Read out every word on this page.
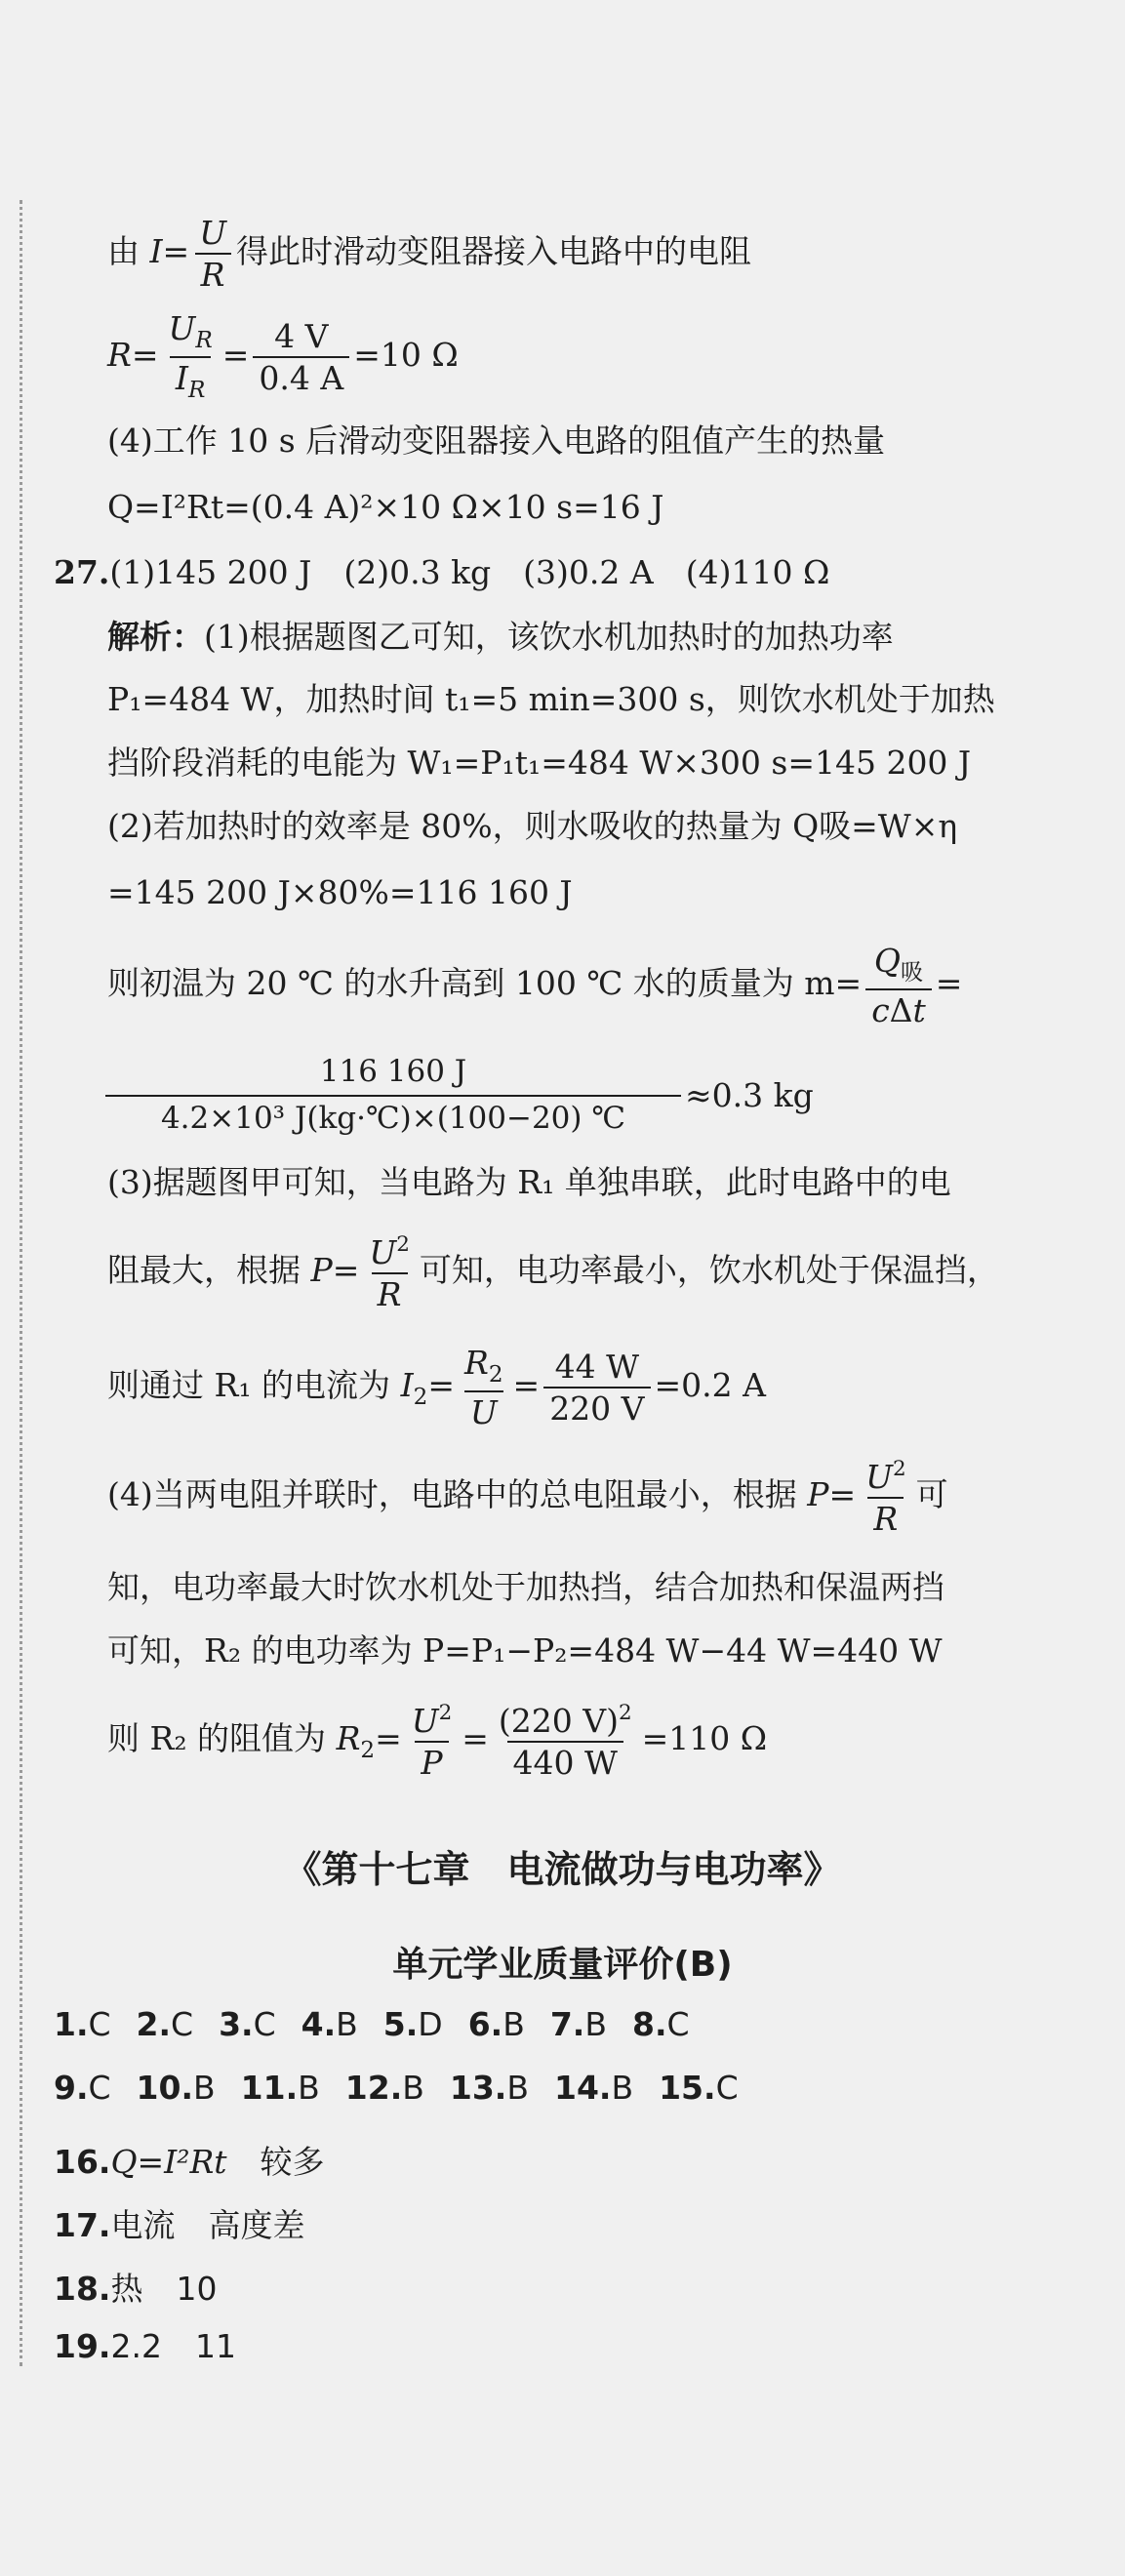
由 $I= \frac{U}{R}$ 得此时滑动变阻器接入电路中的电阻
$R= \frac{U_R}{I_R} = \frac{4 V}{0.4 A} =10$ Ω
(4)工作 10 s 后滑动变阻器接入电路的阻值产生的热量
Q=I²Rt=(0.4 A)²×10 Ω×10 s=16 J
27.(1)145 200 J　(2)0.3 kg　(3)0.2 A　(4)110 Ω
解析：(1)根据题图乙可知，该饮水机加热时的加热功率
P₁=484 W，加热时间 t₁=5 min=300 s，则饮水机处于加热
挡阶段消耗的电能为 W₁=P₁t₁=484 W×300 s=145 200 J
(2)若加热时的效率是 80%，则水吸收的热量为 Q吸=W×η
=145 200 J×80%=116 160 J
则初温为 20 ℃ 的水升高到 100 ℃ 水的质量为 $m= \frac{Q_吸}{\text{cΔt}}$ =
116 160 J
4.2×10³ J(kg·℃)×(100−20) ℃
≈0.3 kg
(3)据题图甲可知，当电路为 R₁ 单独串联，此时电路中的电
阻最大，根据 $P= \frac{U^2}{R}$ 可知，电功率最小，饮水机处于保温挡，
则通过 R₁ 的电流为 $I_2= \frac{R_2}{U} = \frac{44 W}{220 V} =0.2$ A
(4)当两电阻并联时，电路中的总电阻最小，根据 $P= \frac{U^2}{R}$ 可
知，电功率最大时饮水机处于加热挡，结合加热和保温两挡
可知，R₂ 的电功率为 P=P₁−P₂=484 W−44 W=440 W
则 R₂ 的阻值为 $R_2= \frac{U^2}{P} = \frac{(220 V)^2}{440 W} =110$ Ω
《第十七章　电流做功与电功率》
单元学业质量评价(B)
1.C 2.C 3.C 4.B 5.D 6.B 7.B 8.C
9.C 10.B 11.B 12.B 13.B 14.B 15.C
16.Q=I²Rt 较多
17.电流 高度差
18.热 10
19.2.2 11
